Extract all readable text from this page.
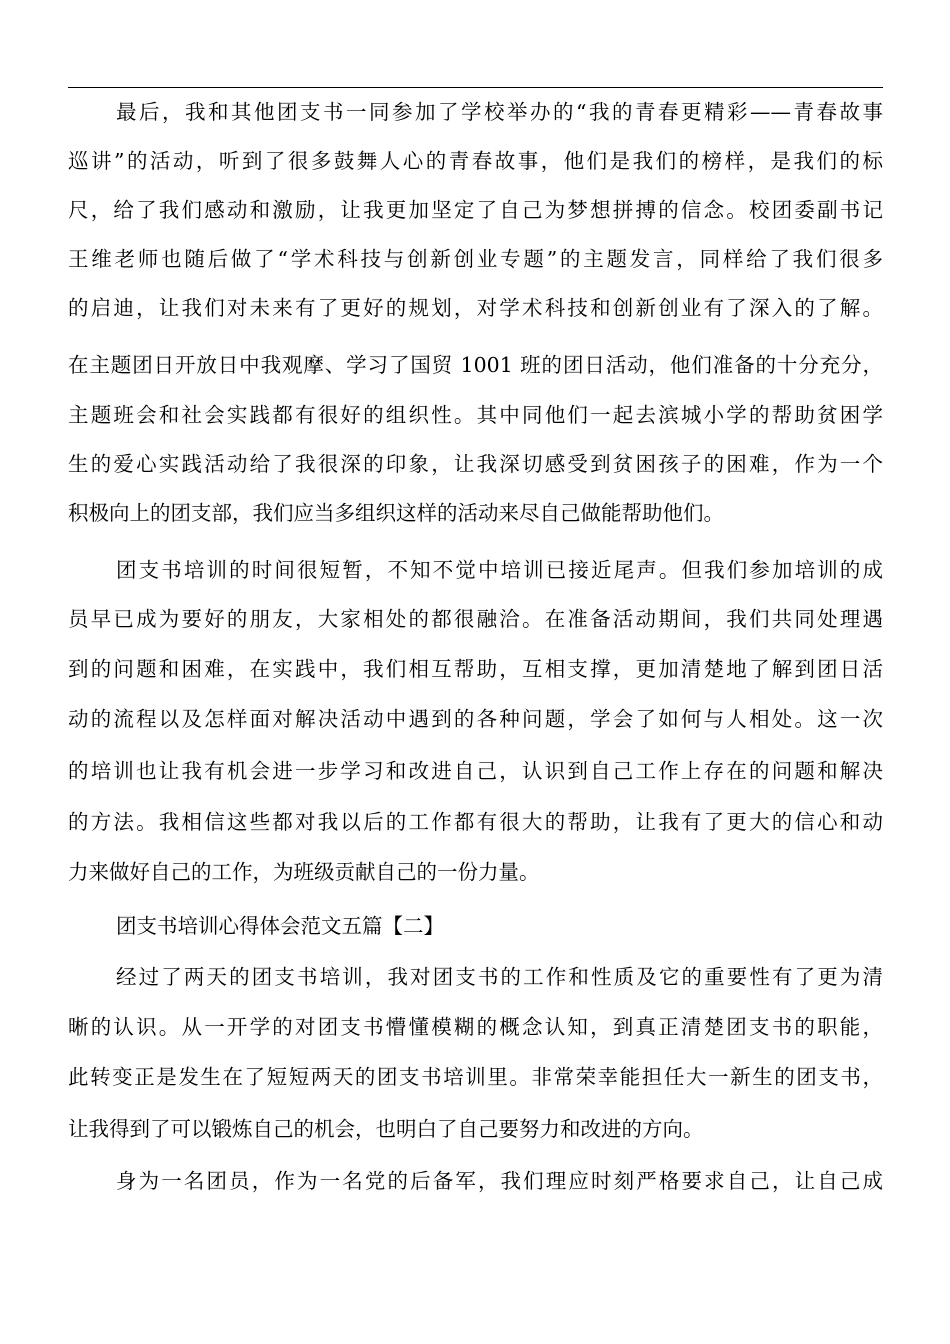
最后，我和其他团支书一同参加了学校举办的“我的青春更精彩——青春故事
巡讲”的活动，听到了很多鼓舞人心的青春故事，他们是我们的榜样，是我们的标
尺，给了我们感动和激励，让我更加坚定了自己为梦想拼搏的信念。校团委副书记
王维老师也随后做了“学术科技与创新创业专题”的主题发言，同样给了我们很多
的启迪，让我们对未来有了更好的规划，对学术科技和创新创业有了深入的了解。
在主题团日开放日中我观摩、学习了国贸 1001 班的团日活动，他们准备的十分充分，
主题班会和社会实践都有很好的组织性。其中同他们一起去滨城小学的帮助贫困学
生的爱心实践活动给了我很深的印象，让我深切感受到贫困孩子的困难，作为一个
积极向上的团支部，我们应当多组织这样的活动来尽自己做能帮助他们。
团支书培训的时间很短暂，不知不觉中培训已接近尾声。但我们参加培训的成
员早已成为要好的朋友，大家相处的都很融洽。在准备活动期间，我们共同处理遇
到的问题和困难，在实践中，我们相互帮助，互相支撑，更加清楚地了解到团日活
动的流程以及怎样面对解决活动中遇到的各种问题，学会了如何与人相处。这一次
的培训也让我有机会进一步学习和改进自己，认识到自己工作上存在的问题和解决
的方法。我相信这些都对我以后的工作都有很大的帮助，让我有了更大的信心和动
力来做好自己的工作，为班级贡献自己的一份力量。
团支书培训心得体会范文五篇【二】
经过了两天的团支书培训，我对团支书的工作和性质及它的重要性有了更为清
晰的认识。从一开学的对团支书懵懂模糊的概念认知，到真正清楚团支书的职能，
此转变正是发生在了短短两天的团支书培训里。非常荣幸能担任大一新生的团支书，
让我得到了可以锻炼自己的机会，也明白了自己要努力和改进的方向。
身为一名团员，作为一名党的后备军，我们理应时刻严格要求自己，让自己成
